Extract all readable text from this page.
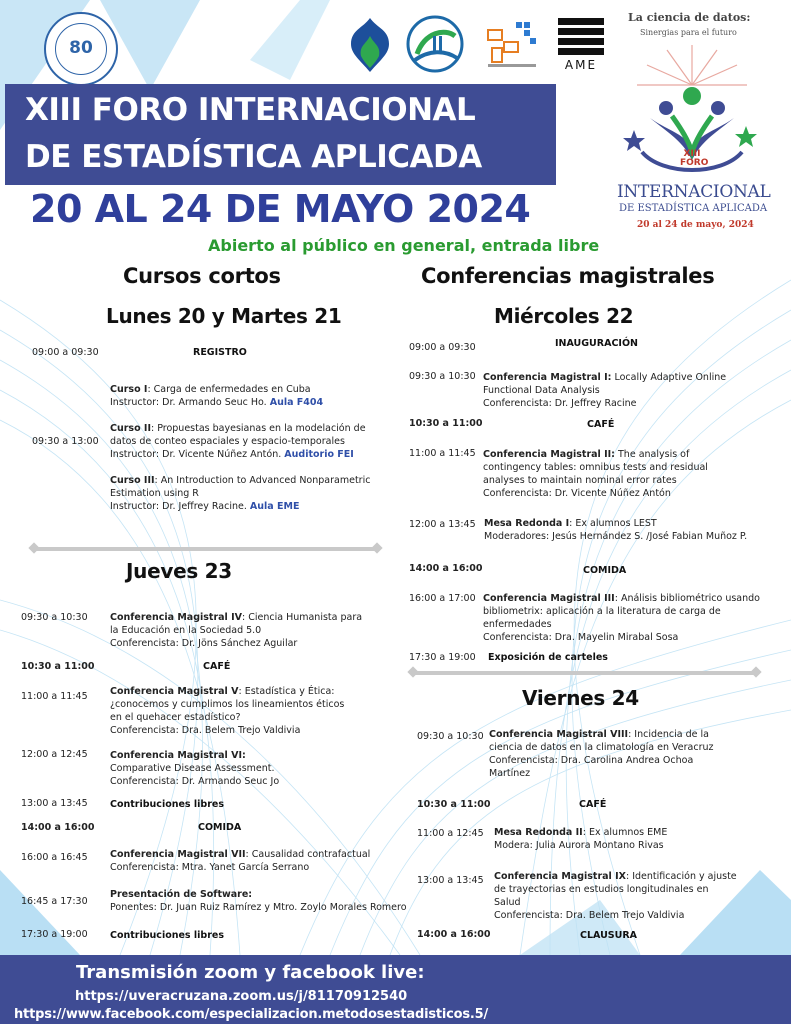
80
AME
XIII FORO INTERNACIONAL
DE ESTADÍSTICA APLICADA
20 AL 24 DE MAYO 2024
Abierto al público en general, entrada libre
La ciencia de datos:
Sinergias para el futuro
XIII
FORO
INTERNACIONAL
DE ESTADÍSTICA APLICADA
20 al 24 de mayo, 2024
Cursos cortos	Conferencias magistrales
Lunes 20 y Martes 21	Miércoles 22
09:00 a 09:30	REGISTRO
09:30 a 13:00
Curso I: Carga de enfermedades en Cuba
Instructor: Dr. Armando Seuc Ho. Aula F404
Curso II: Propuestas bayesianas en la modelación de
datos de conteo espaciales y espacio-temporales
Instructor: Dr. Vicente Núñez Antón. Auditorio FEI
Curso III: An Introduction to Advanced Nonparametric
Estimation using R
Instructor: Dr. Jeffrey Racine. Aula EME
Jueves 23
09:30 a 10:30 Conferencia Magistral IV: Ciencia Humanista para
la Educación en la Sociedad 5.0
Conferencista: Dr. Jöns Sánchez Aguilar
10:30 a 11:00	CAFÉ
11:00 a 11:45 Conferencia Magistral V: Estadística y Ética:
¿conocemos y cumplimos los lineamientos éticos
en el quehacer estadístico?
Conferencista: Dra. Belem Trejo Valdivia
12:00 a 12:45 Conferencia Magistral VI:
Comparative Disease Assessment.
Conferencista: Dr. Armando Seuc Jo
13:00 a 13:45 Contribuciones libres
14:00 a 16:00	COMIDA
16:00 a 16:45 Conferencia Magistral VII: Causalidad contrafactual
Conferencista: Mtra. Yanet García Serrano
16:45 a 17:30
Presentación de Software:
Ponentes: Dr. Juan Ruiz Ramírez y Mtro. Zoylo Morales Romero
17:30 a 19:00 Contribuciones libres
09:00 a 09:30	INAUGURACIÓN
09:30 a 10:30 Conferencia Magistral I: Locally Adaptive Online
Functional Data Analysis
Conferencista: Dr. Jeffrey Racine
10:30 a 11:00	CAFÉ
11:00 a 11:45 Conferencia Magistral II: The analysis of
contingency tables: omnibus tests and residual
analyses to maintain nominal error rates
Conferencista: Dr. Vicente Núñez Antón
12:00 a 13:45 Mesa Redonda I: Ex alumnos LEST
Moderadores: Jesús Hernández S. /José Fabian Muñoz P.
14:00 a 16:00	COMIDA
16:00 a 17:00 Conferencia Magistral III: Análisis bibliométrico usando
bibliometrix: aplicación a la literatura de carga de
enfermedades
Conferencista: Dra. Mayelin Mirabal Sosa
17:30 a 19:00 Exposición de carteles
Viernes 24
09:30 a 10:30 Conferencia Magistral VIII: Incidencia de la
ciencia de datos en la climatología en Veracruz
Conferencista: Dra. Carolina Andrea Ochoa
Martínez
10:30 a 11:00	CAFÉ
11:00 a 12:45 Mesa Redonda II: Ex alumnos EME
Modera: Julia Aurora Montano Rivas
13:00 a 13:45 Conferencia Magistral IX: Identificación y ajuste
de trayectorias en estudios longitudinales en
Salud
Conferencista: Dra. Belem Trejo Valdivia
14:00 a 16:00	CLAUSURA
Transmisión zoom y facebook live:
https://uveracruzana.zoom.us/j/81170912540
https://www.facebook.com/especializacion.metodosestadisticos.5/
